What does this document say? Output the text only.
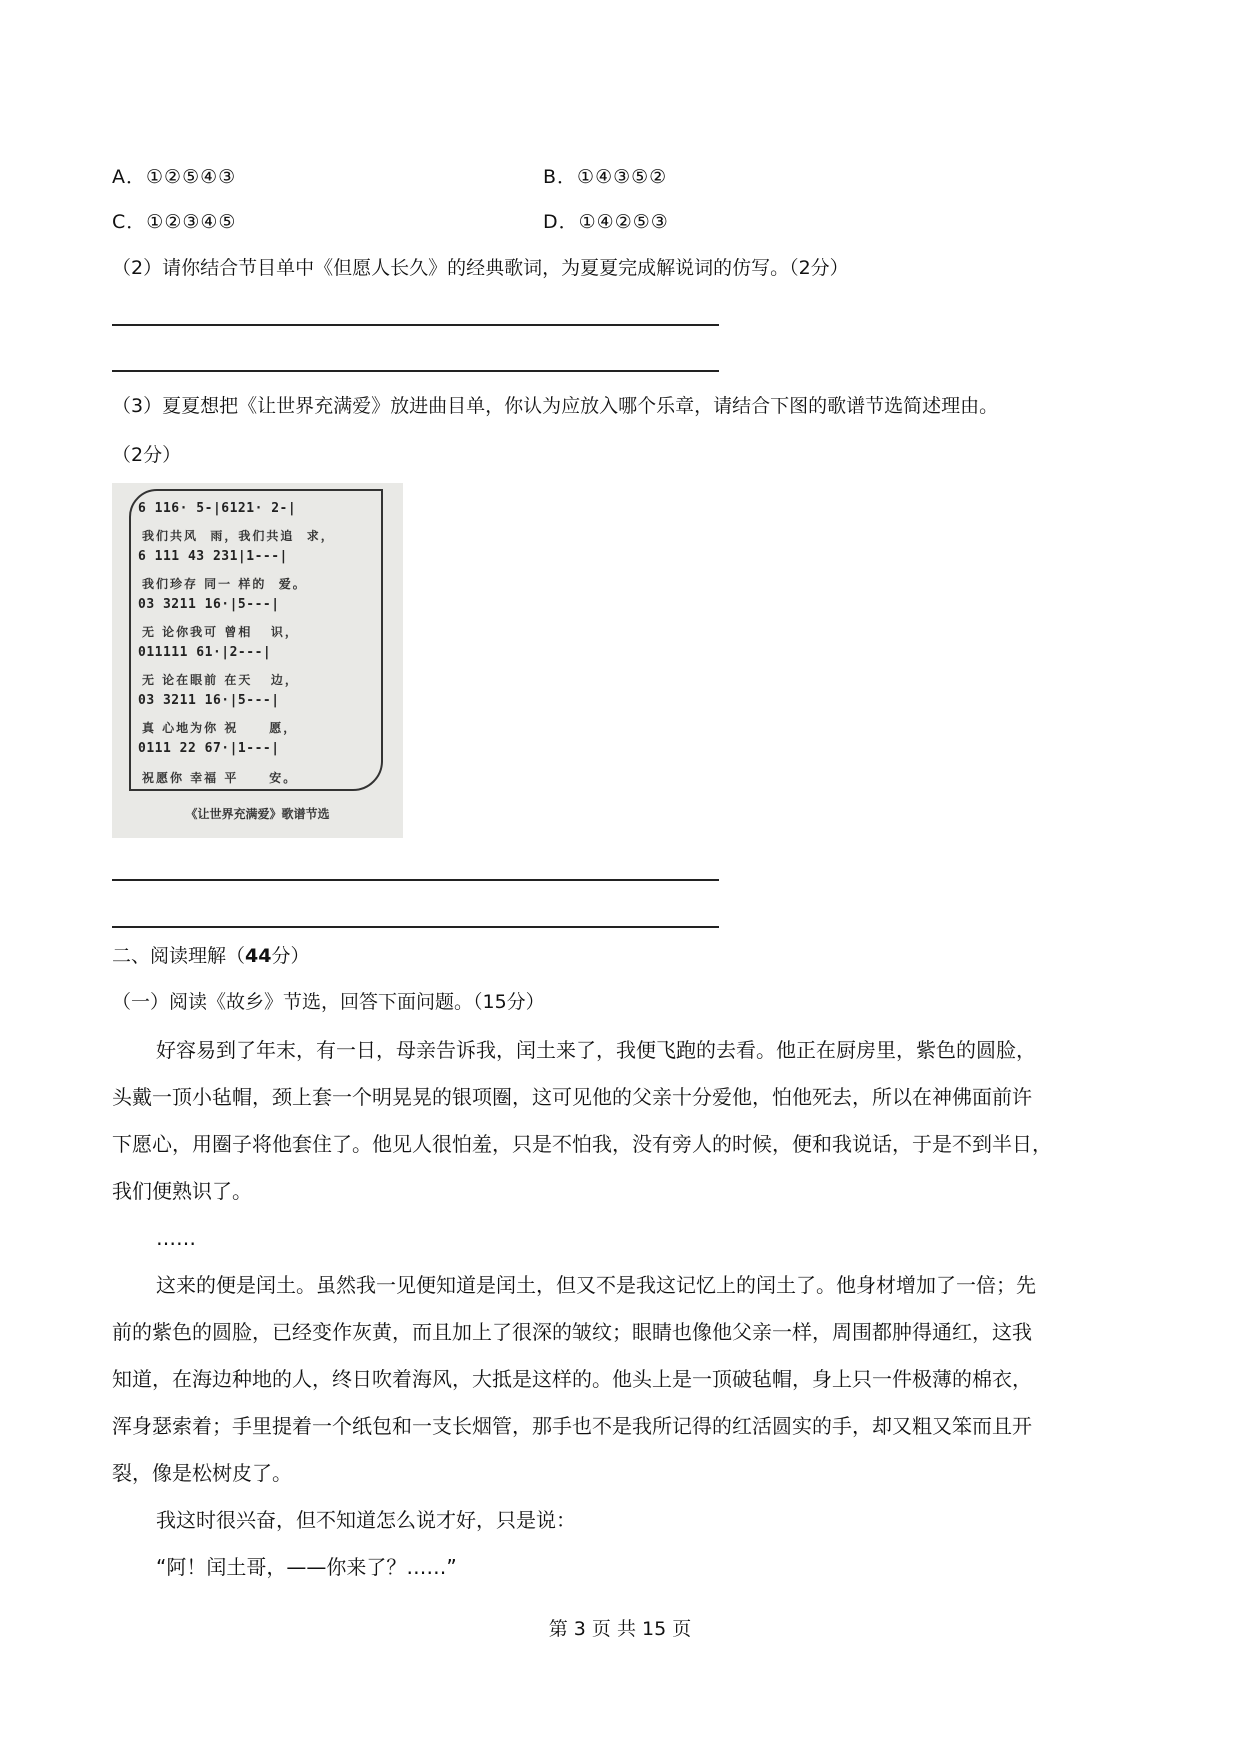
A．①②⑤④③	B．①④③⑤②
C．①②③④⑤	D．①④②⑤③
（2）请你结合节目单中《但愿人长久》的经典歌词，为夏夏完成解说词的仿写。（2分）
（3）夏夏想把《让世界充满爱》放进曲目单，你认为应放入哪个乐章，请结合下图的歌谱节选简述理由。
（2分）
6 116· 5-|6121· 2-|
我们共风  雨，我们共追  求，
6 111 43 231|1---|
我们珍存 同一 样的  爱。
03 3211 16·|5---|
无 论你我可 曾相   识，
011111 61·|2---|
无 论在眼前 在天   边，
03 3211 16·|5---|
真 心地为你 祝     愿，
0111 22 67·|1---|
祝愿你 幸福 平     安。
《让世界充满爱》歌谱节选
二、阅读理解（44分）
（一）阅读《故乡》节选，回答下面问题。（15分）

好容易到了年末，有一日，母亲告诉我，闰土来了，我便飞跑的去看。他正在厨房里，紫色的圆脸，

头戴一顶小毡帽，颈上套一个明晃晃的银项圈，这可见他的父亲十分爱他，怕他死去，所以在神佛面前许

下愿心，用圈子将他套住了。他见人很怕羞，只是不怕我，没有旁人的时候，便和我说话，于是不到半日，

我们便熟识了。

……

这来的便是闰土。虽然我一见便知道是闰土，但又不是我这记忆上的闰土了。他身材增加了一倍；先

前的紫色的圆脸，已经变作灰黄，而且加上了很深的皱纹；眼睛也像他父亲一样，周围都肿得通红，这我

知道，在海边种地的人，终日吹着海风，大抵是这样的。他头上是一顶破毡帽，身上只一件极薄的棉衣，

浑身瑟索着；手里提着一个纸包和一支长烟管，那手也不是我所记得的红活圆实的手，却又粗又笨而且开

裂，像是松树皮了。

我这时很兴奋，但不知道怎么说才好，只是说：

“阿！闰土哥，——你来了？……”

第 3 页 共 15 页
